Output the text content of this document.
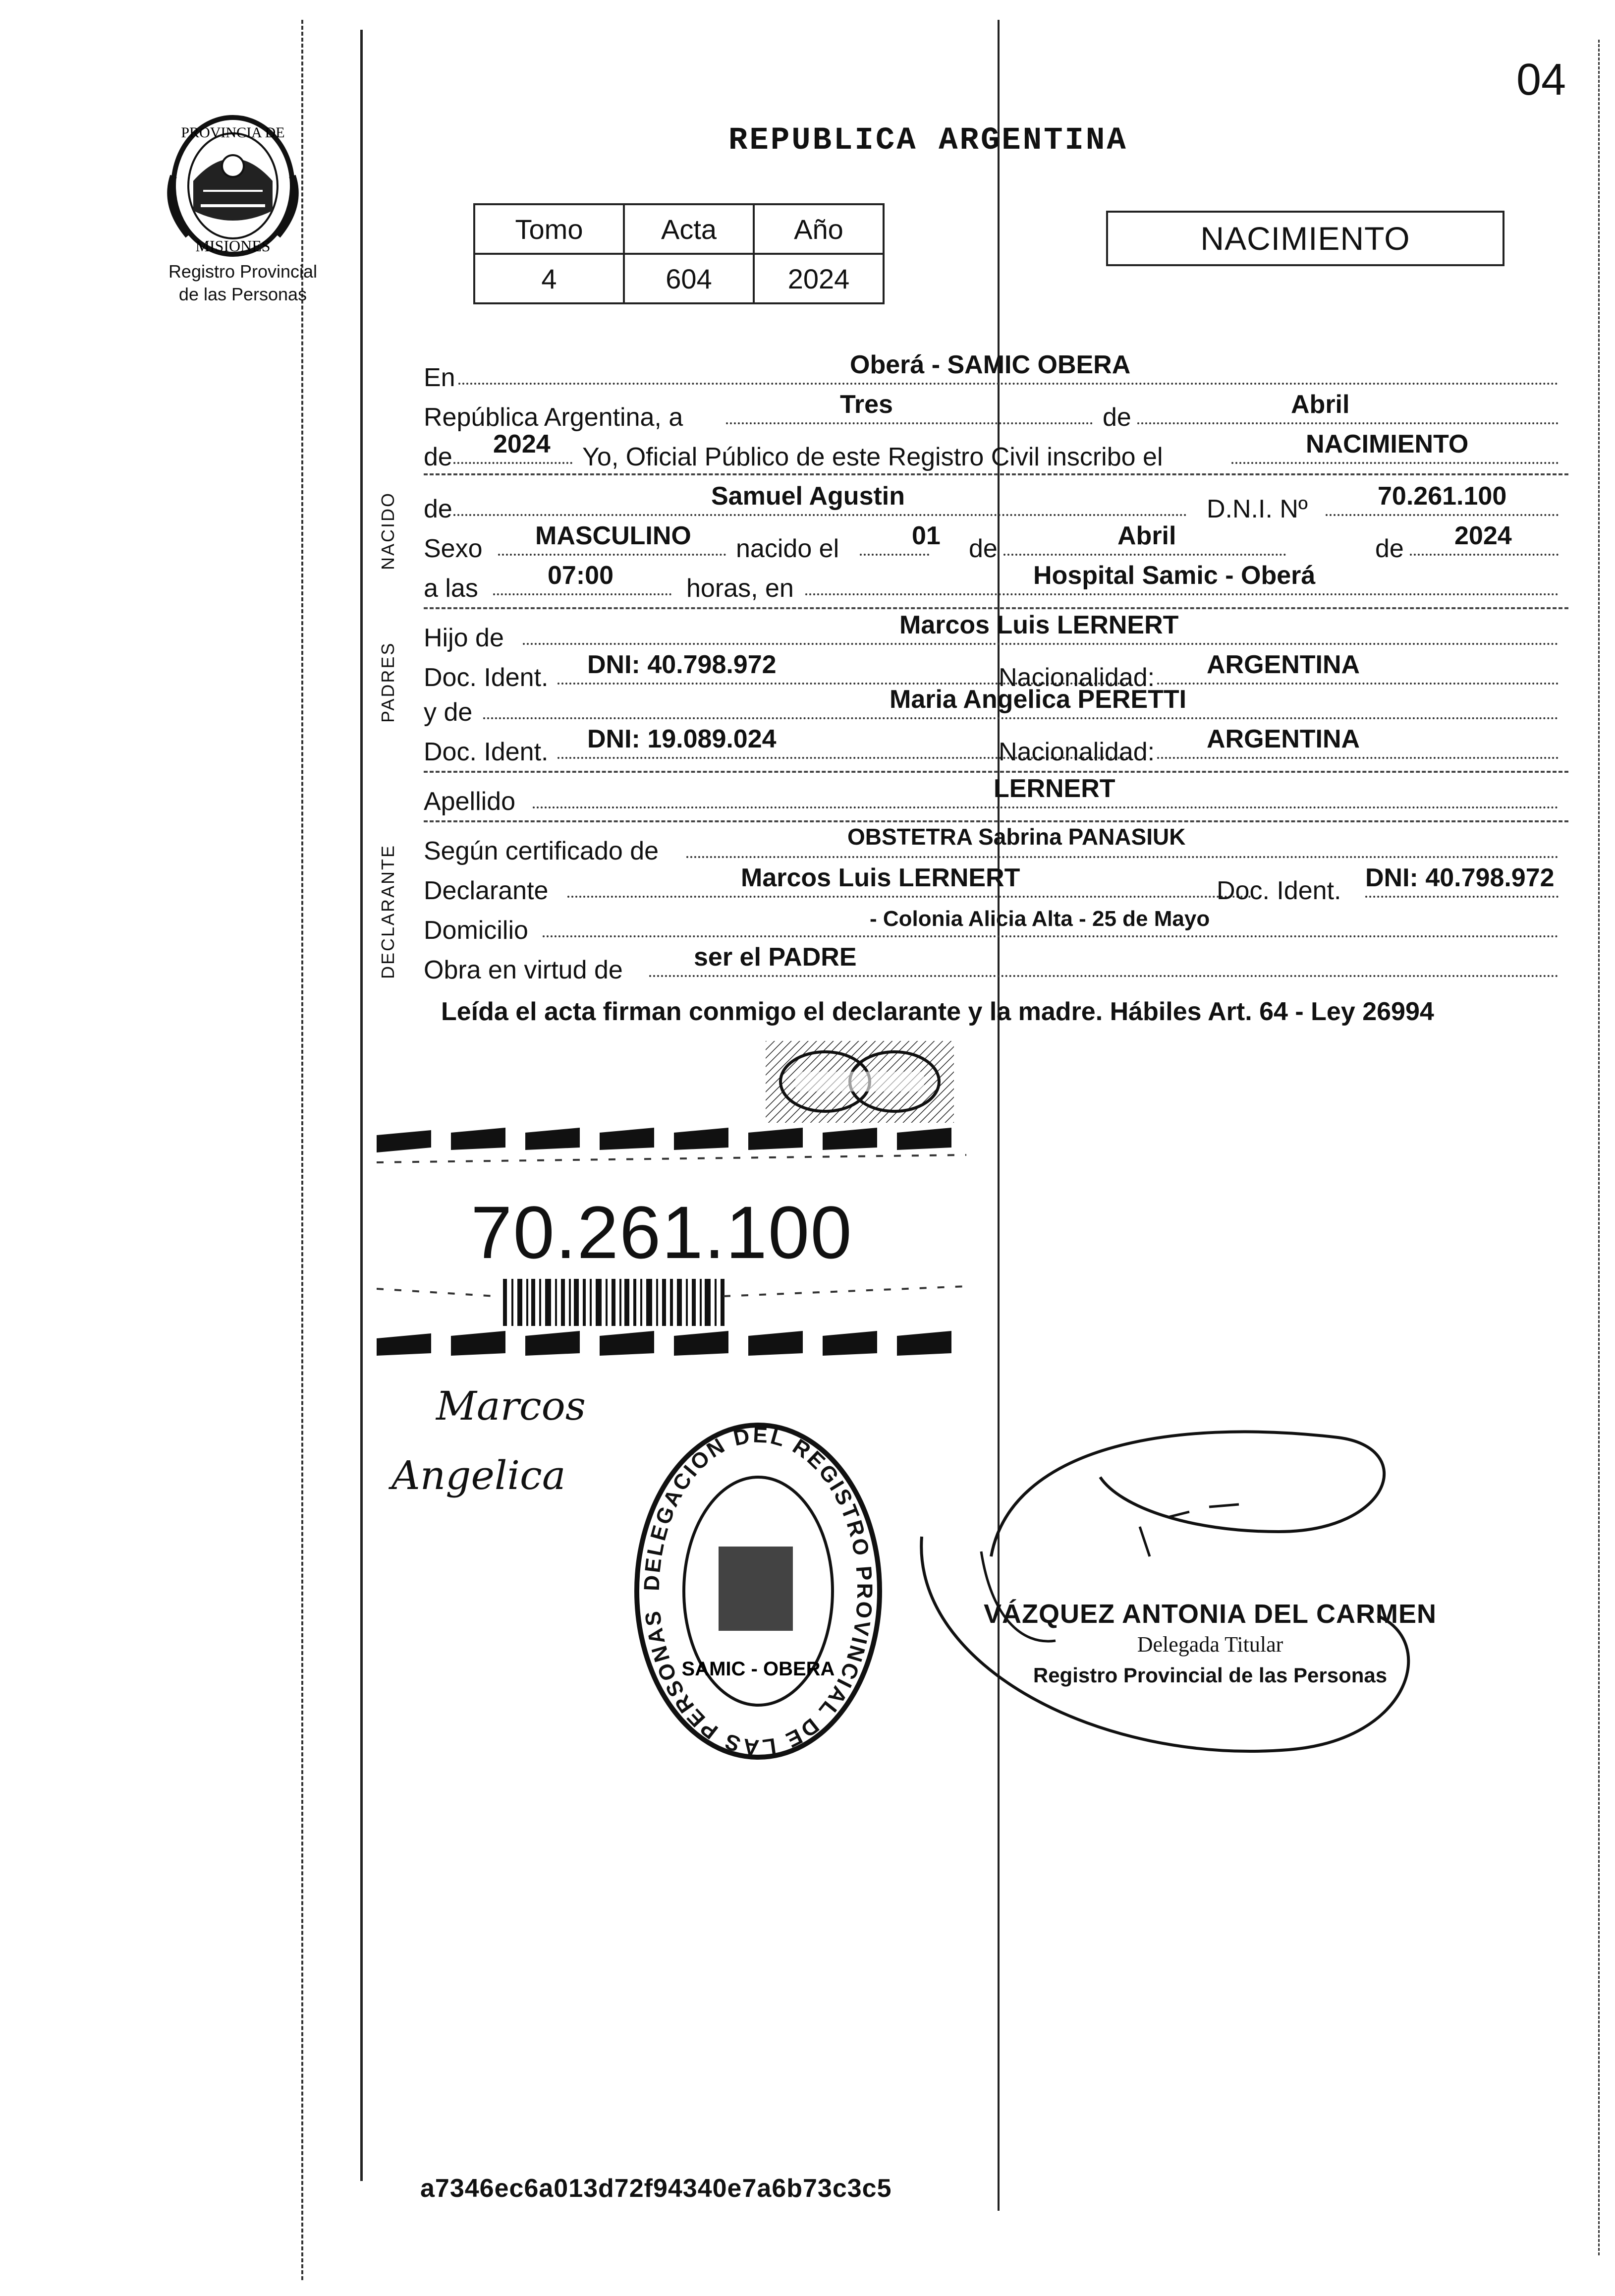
04
PROVINCIA DE
MISIONES
Registro Provincial
de las Personas
REPUBLICA ARGENTINA
Tomo	Acta	Año
4	604	2024
NACIMIENTO
NACIDO
PADRES
DECLARANTE
En	Oberá - SAMIC OBERA
República Argentina, a	Tres	de	Abril
de 2024 Yo, Oficial Público de este Registro Civil inscribo el	NACIMIENTO
de	Samuel Agustin	D.N.I. Nº	70.261.100
Sexo MASCULINO nacido el	01 de	Abril	de 2024
a las	07:00	horas, en	Hospital Samic - Oberá
Hijo de	Marcos Luis LERNERT
Doc. Ident. DNI: 40.798.972	Nacionalidad: ARGENTINA
y de	Maria Angelica PERETTI
Doc. Ident. DNI: 19.089.024	Nacionalidad: ARGENTINA
Apellido	LERNERT
Según certificado de	OBSTETRA Sabrina PANASIUK
Declarante	Marcos Luis LERNERT	Doc. Ident. DNI: 40.798.972
Domicilio	- Colonia Alicia Alta - 25 de Mayo
Obra en virtud de	ser el PADRE
Leída el acta firman conmigo el declarante y la madre. Hábiles Art. 64 - Ley 26994
70.261.100
Marcos
Angelica
DELEGACIÓN DEL REGISTRO PROVINCIAL DE LAS PERSONAS
SAMIC - OBERA
VÁZQUEZ ANTONIA DEL CARMEN
Delegada Titular
Registro Provincial de las Personas
a7346ec6a013d72f94340e7a6b73c3c5
